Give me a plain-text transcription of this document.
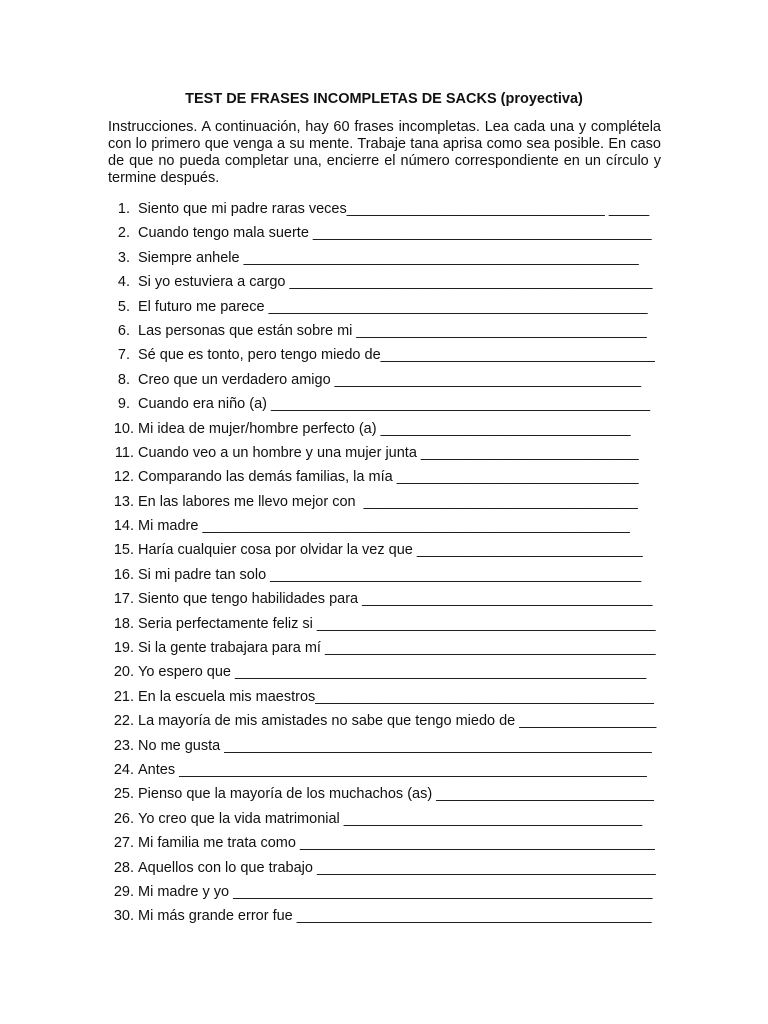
TEST DE FRASES INCOMPLETAS DE SACKS (proyectiva)
Instrucciones. A continuación, hay 60 frases incompletas. Lea cada una y complétela con lo primero que venga a su mente. Trabaje tana aprisa como sea posible. En caso de que no pueda completar una, encierre el número correspondiente en un círculo y termine después.
1. Siento que mi padre raras veces________________________________ _____
2. Cuando tengo mala suerte __________________________________________
3. Siempre anhele _________________________________________________
4. Si yo estuviera a cargo _____________________________________________
5. El futuro me parece _______________________________________________
6. Las personas que están sobre mi ____________________________________
7. Sé que es tonto, pero tengo miedo de__________________________________
8. Creo que un verdadero amigo ______________________________________
9. Cuando era niño (a) _______________________________________________
10. Mi idea de mujer/hombre perfecto (a) _______________________________
11. Cuando veo a un hombre y una mujer junta ___________________________
12. Comparando las demás familias, la mía ______________________________
13. En las labores me llevo mejor con  __________________________________
14. Mi madre _____________________________________________________
15. Haría cualquier cosa por olvidar la vez que ____________________________
16. Si mi padre tan solo ______________________________________________
17. Siento que tengo habilidades para ____________________________________
18. Seria perfectamente feliz si __________________________________________
19. Si la gente trabajara para mí _________________________________________
20. Yo espero que ___________________________________________________
21. En la escuela mis maestros__________________________________________
22. La mayoría de mis amistades no sabe que tengo miedo de _________________
23. No me gusta _____________________________________________________
24. Antes __________________________________________________________
25. Pienso que la mayoría de los muchachos (as) ___________________________
26. Yo creo que la vida matrimonial _____________________________________
27. Mi familia me trata como ____________________________________________
28. Aquellos con lo que trabajo __________________________________________
29. Mi madre y yo ____________________________________________________
30. Mi más grande error fue ____________________________________________
